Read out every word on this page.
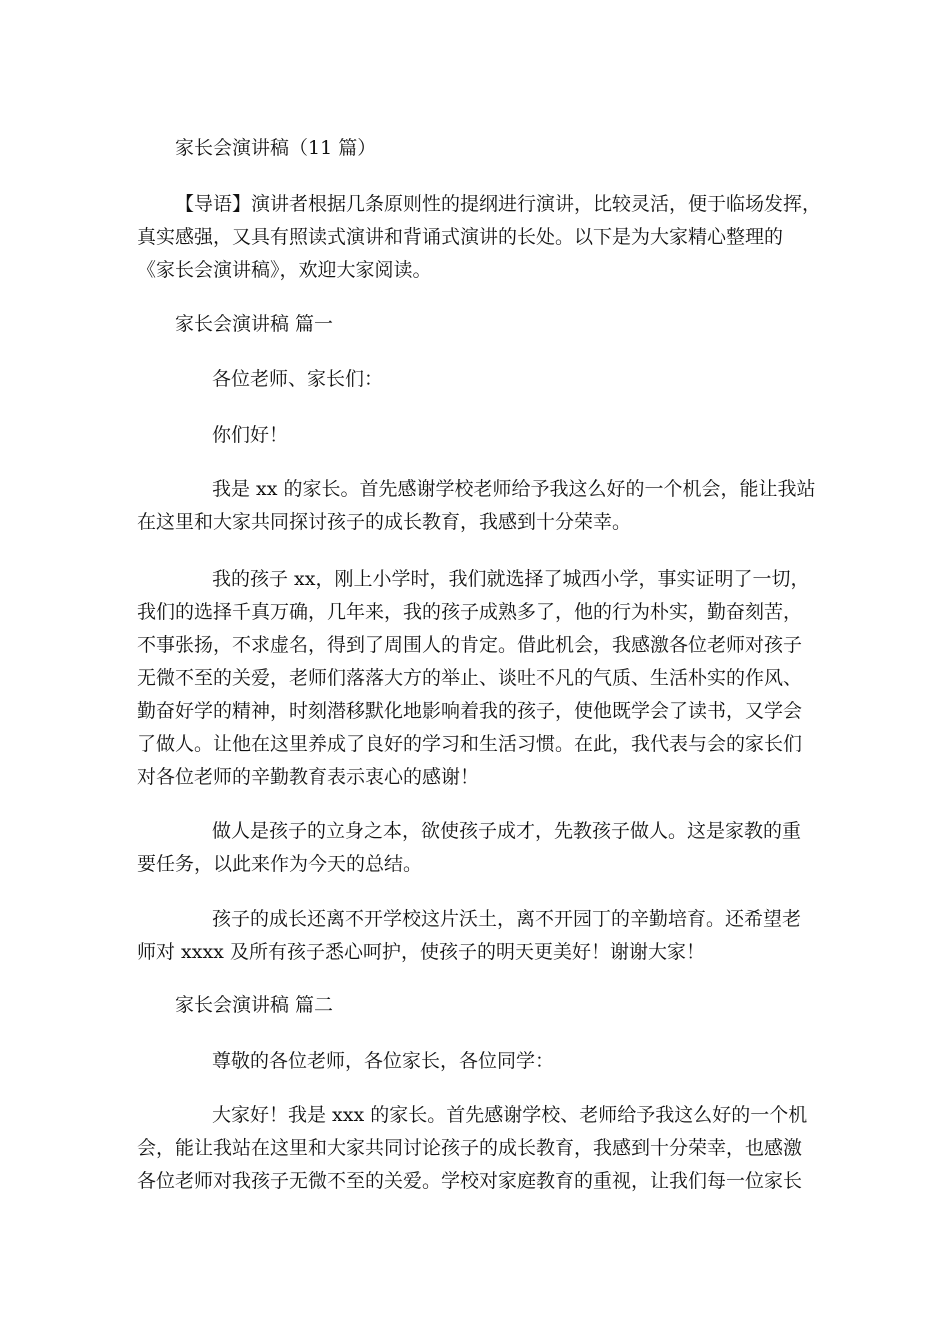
家长会演讲稿（11 篇）

【导语】演讲者根据几条原则性的提纲进行演讲，比较灵活，便于临场发挥，
真实感强，又具有照读式演讲和背诵式演讲的长处。以下是为大家精心整理的
《家长会演讲稿》，欢迎大家阅读。

家长会演讲稿 篇一

各位老师、家长们：

你们好！

我是 xx 的家长。首先感谢学校老师给予我这么好的一个机会，能让我站
在这里和大家共同探讨孩子的成长教育，我感到十分荣幸。

我的孩子 xx，刚上小学时，我们就选择了城西小学，事实证明了一切，
我们的选择千真万确，几年来，我的孩子成熟多了，他的行为朴实，勤奋刻苦，
不事张扬，不求虚名，得到了周围人的肯定。借此机会，我感激各位老师对孩子
无微不至的关爱，老师们落落大方的举止、谈吐不凡的气质、生活朴实的作风、
勤奋好学的精神，时刻潜移默化地影响着我的孩子，使他既学会了读书，又学会
了做人。让他在这里养成了良好的学习和生活习惯。在此，我代表与会的家长们
对各位老师的辛勤教育表示衷心的感谢！

做人是孩子的立身之本，欲使孩子成才，先教孩子做人。这是家教的重
要任务，以此来作为今天的总结。

孩子的成长还离不开学校这片沃土，离不开园丁的辛勤培育。还希望老
师对 xxxx 及所有孩子悉心呵护，使孩子的明天更美好！谢谢大家！

家长会演讲稿 篇二

尊敬的各位老师，各位家长，各位同学：

大家好！我是 xxx 的家长。首先感谢学校、老师给予我这么好的一个机
会，能让我站在这里和大家共同讨论孩子的成长教育，我感到十分荣幸，也感激
各位老师对我孩子无微不至的关爱。学校对家庭教育的重视，让我们每一位家长
